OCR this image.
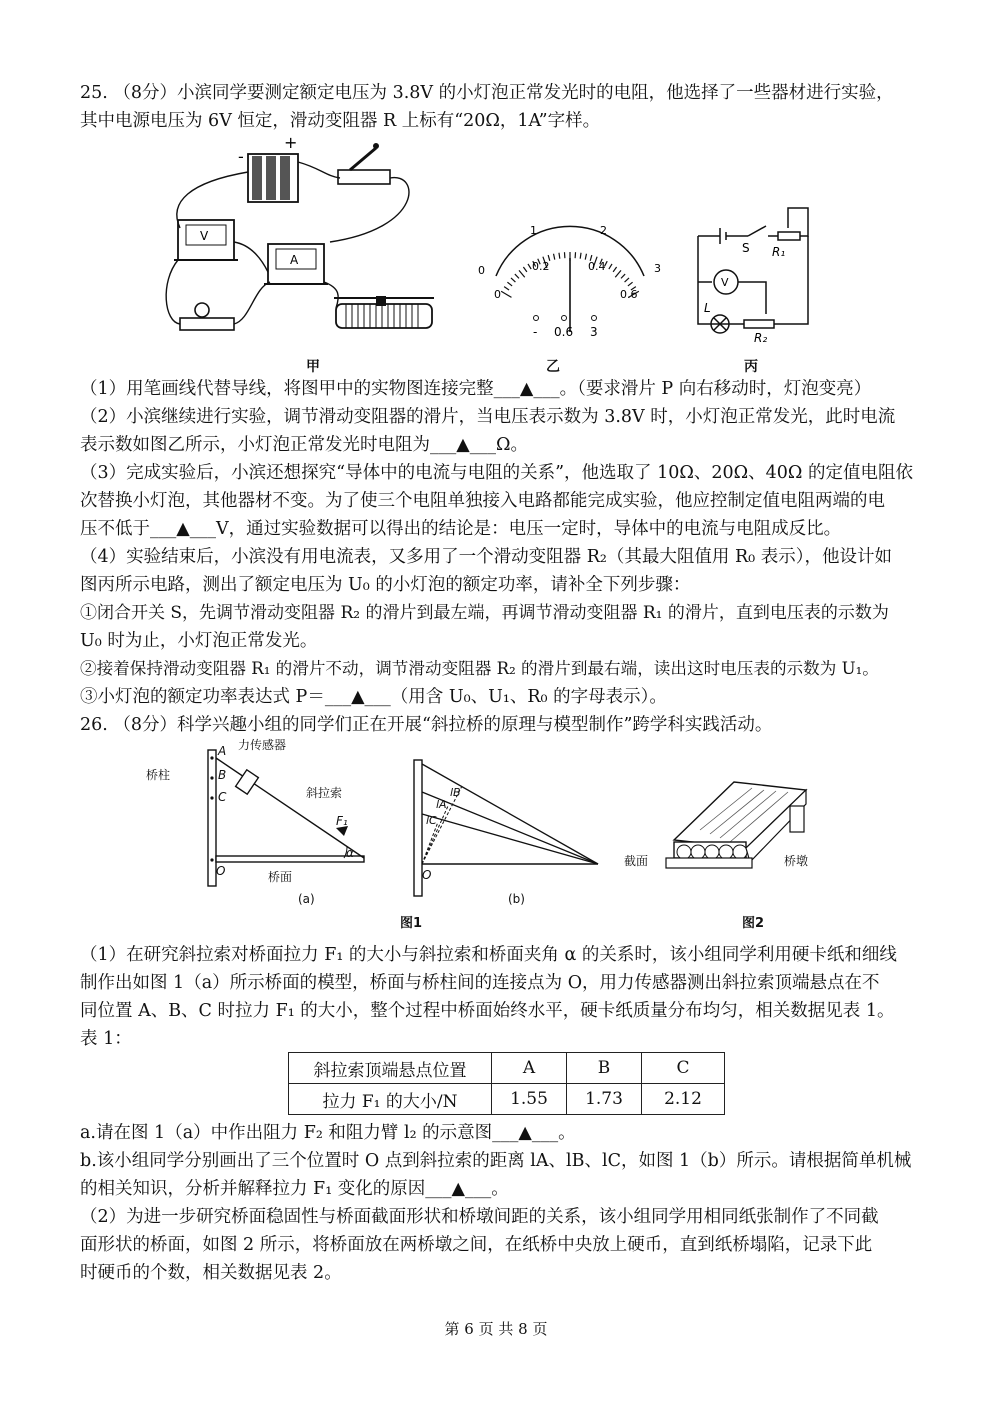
25. （8分）小滨同学要测定额定电压为 3.8V 的小灯泡正常发光时的电阻，他选择了一些器材进行实验，
其中电源电压为 6V 恒定，滑动变阻器 R 上标有“20Ω，1A”字样。
-
+
V
A
甲
0
1	2
3
0
0.2	0.4
0.6
- 0.6 3
乙
V
S R₁
L
R₂
丙
（1）用笔画线代替导线，将图甲中的实物图连接完整___▲___。（要求滑片 P 向右移动时，灯泡变亮）
（2）小滨继续进行实验，调节滑动变阻器的滑片，当电压表示数为 3.8V 时，小灯泡正常发光，此时电流
表示数如图乙所示，小灯泡正常发光时电阻为___▲___Ω。
（3）完成实验后，小滨还想探究“导体中的电流与电阻的关系”，他选取了 10Ω、20Ω、40Ω 的定值电阻依
次替换小灯泡，其他器材不变。为了使三个电阻单独接入电路都能完成实验，他应控制定值电阻两端的电
压不低于___▲___V，通过实验数据可以得出的结论是：电压一定时，导体中的电流与电阻成反比。
（4）实验结束后，小滨没有用电流表，又多用了一个滑动变阻器 R₂（其最大阻值用 R₀ 表示），他设计如
图丙所示电路，测出了额定电压为 U₀ 的小灯泡的额定功率，请补全下列步骤：
①闭合开关 S，先调节滑动变阻器 R₂ 的滑片到最左端，再调节滑动变阻器 R₁ 的滑片，直到电压表的示数为
U₀ 时为止，小灯泡正常发光。
②接着保持滑动变阻器 R₁ 的滑片不动，调节滑动变阻器 R₂ 的滑片到最右端，读出这时电压表的示数为 U₁。
③小灯泡的额定功率表达式 P＝___▲___（用含 U₀、U₁、R₀ 的字母表示）。
26. （8分）科学兴趣小组的同学们正在开展“斜拉桥的原理与模型制作”跨学科实践活动。
力传感器
桥柱
A
B
C	斜拉索
F₁
α
O	桥面
(a)
lB
lA
lC
O
(b)
图1
截面	桥墩
图2
（1）在研究斜拉索对桥面拉力 F₁ 的大小与斜拉索和桥面夹角 α 的关系时，该小组同学利用硬卡纸和细线
制作出如图 1（a）所示桥面的模型，桥面与桥柱间的连接点为 O，用力传感器测出斜拉索顶端悬点在不
同位置 A、B、C 时拉力 F₁ 的大小，整个过程中桥面始终水平，硬卡纸质量分布均匀，相关数据见表 1。
表 1：
斜拉索顶端悬点位置	A	B	C
拉力 F₁ 的大小/N	1.55	1.73	2.12
a.请在图 1（a）中作出阻力 F₂ 和阻力臂 l₂ 的示意图___▲___。
b.该小组同学分别画出了三个位置时 O 点到斜拉索的距离 lA、lB、lC，如图 1（b）所示。请根据简单机械
的相关知识，分析并解释拉力 F₁ 变化的原因___▲___。
（2）为进一步研究桥面稳固性与桥面截面形状和桥墩间距的关系，该小组同学用相同纸张制作了不同截
面形状的桥面，如图 2 所示，将桥面放在两桥墩之间，在纸桥中央放上硬币，直到纸桥塌陷，记录下此
时硬币的个数，相关数据见表 2。
第 6 页 共 8 页
